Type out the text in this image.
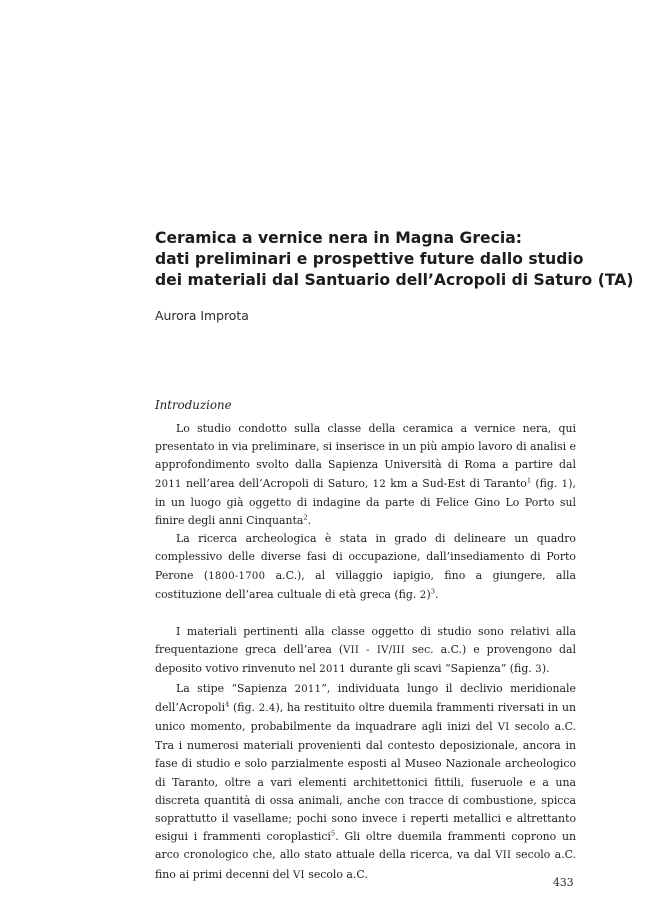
Ceramica a vernice nera in Magna Grecia:
dati preliminari e prospettive future dallo studio
dei materiali dal Santuario dell’Acropoli di Saturo (TA)
Aurora Improta
Introduzione

Lo studio condotto sulla classe della ceramica a vernice nera, qui presentato in via preliminare, si inserisce in un più ampio lavoro di analisi e approfondimento svolto dalla Sapienza Università di Roma a partire dal 2011 nell’area dell’Acropoli di Saturo, 12 km a Sud-Est di Taranto$^1$ (fig. 1), in un luogo già oggetto di indagine da parte di Felice Gino Lo Porto sul finire degli anni Cinquanta$^2$.

La ricerca archeologica è stata in grado di delineare un quadro complessivo delle diverse fasi di occupazione, dall’insediamento di Porto Perone (1800-1700 a.C.), al villaggio iapigio, fino a giungere, alla costituzione dell’area cultuale di età greca (fig. 2)$^3$.

I materiali pertinenti alla classe oggetto di studio sono relativi alla frequentazione greca dell’area (VII - IV/III sec. a.C.) e provengono dal deposito votivo rinvenuto nel 2011 durante gli scavi “Sapienza” (fig. 3).

La stipe “Sapienza 2011”, individuata lungo il declivio meridionale dell’Acropoli$^4$ (fig. 2.4), ha restituito oltre duemila frammenti riversati in un unico momento, probabilmente da inquadrare agli inizi del VI secolo a.C. Tra i numerosi materiali provenienti dal contesto deposizionale, ancora in fase di studio e solo parzialmente esposti al Museo Nazionale archeologico di Taranto, oltre a vari elementi architettonici fittili, fuseruole e a una discreta quantità di ossa animali, anche con tracce di combustione, spicca soprattutto il vasellame; pochi sono invece i reperti metallici e altrettanto esigui i frammenti coroplastici$^5$. Gli oltre duemila frammenti coprono un arco cronologico che, allo stato attuale della ricerca, va dal VII secolo a.C. fino ai primi decenni del VI secolo a.C.

433
